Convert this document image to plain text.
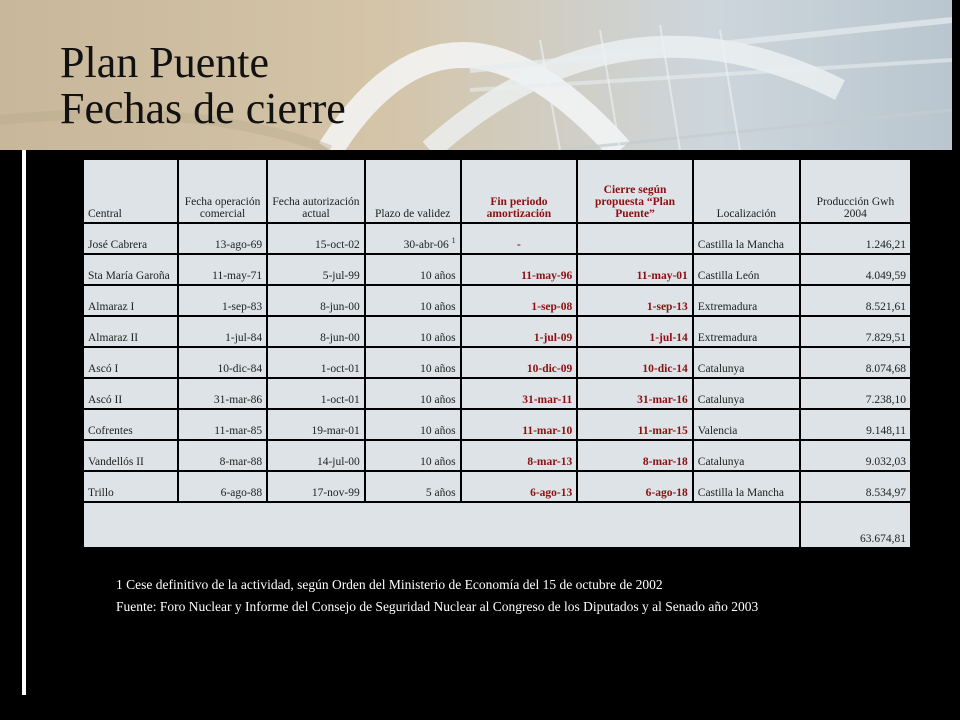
Plan Puente
Fechas de cierre
Central	Fecha operación comercial	Fecha autorización actual	Plazo de validez	Fin periodo amortización	Cierre según propuesta “Plan Puente”	Localización	Producción Gwh 2004
José Cabrera	13-ago-69	15-oct-02	30-abr-06 $^1$	-		Castilla la Mancha	1.246,21
Sta María Garoña	11-may-71	5-jul-99	10 años	11-may-96	11-may-01	Castilla León	4.049,59
Almaraz I	1-sep-83	8-jun-00	10 años	1-sep-08	1-sep-13	Extremadura	8.521,61
Almaraz II	1-jul-84	8-jun-00	10 años	1-jul-09	1-jul-14	Extremadura	7.829,51
Ascó I	10-dic-84	1-oct-01	10 años	10-dic-09	10-dic-14	Catalunya	8.074,68
Ascó II	31-mar-86	1-oct-01	10 años	31-mar-11	31-mar-16	Catalunya	7.238,10
Cofrentes	11-mar-85	19-mar-01	10 años	11-mar-10	11-mar-15	Valencia	9.148,11
Vandellós II	8-mar-88	14-jul-00	10 años	8-mar-13	8-mar-18	Catalunya	9.032,03
Trillo	6-ago-88	17-nov-99	5 años	6-ago-13	6-ago-18	Castilla la Mancha	8.534,97
							63.674,81
1 Cese definitivo de la actividad, según Orden del Ministerio de Economía del 15 de octubre de 2002
Fuente: Foro Nuclear y Informe del Consejo de Seguridad Nuclear al Congreso de los Diputados y al Senado año 2003
